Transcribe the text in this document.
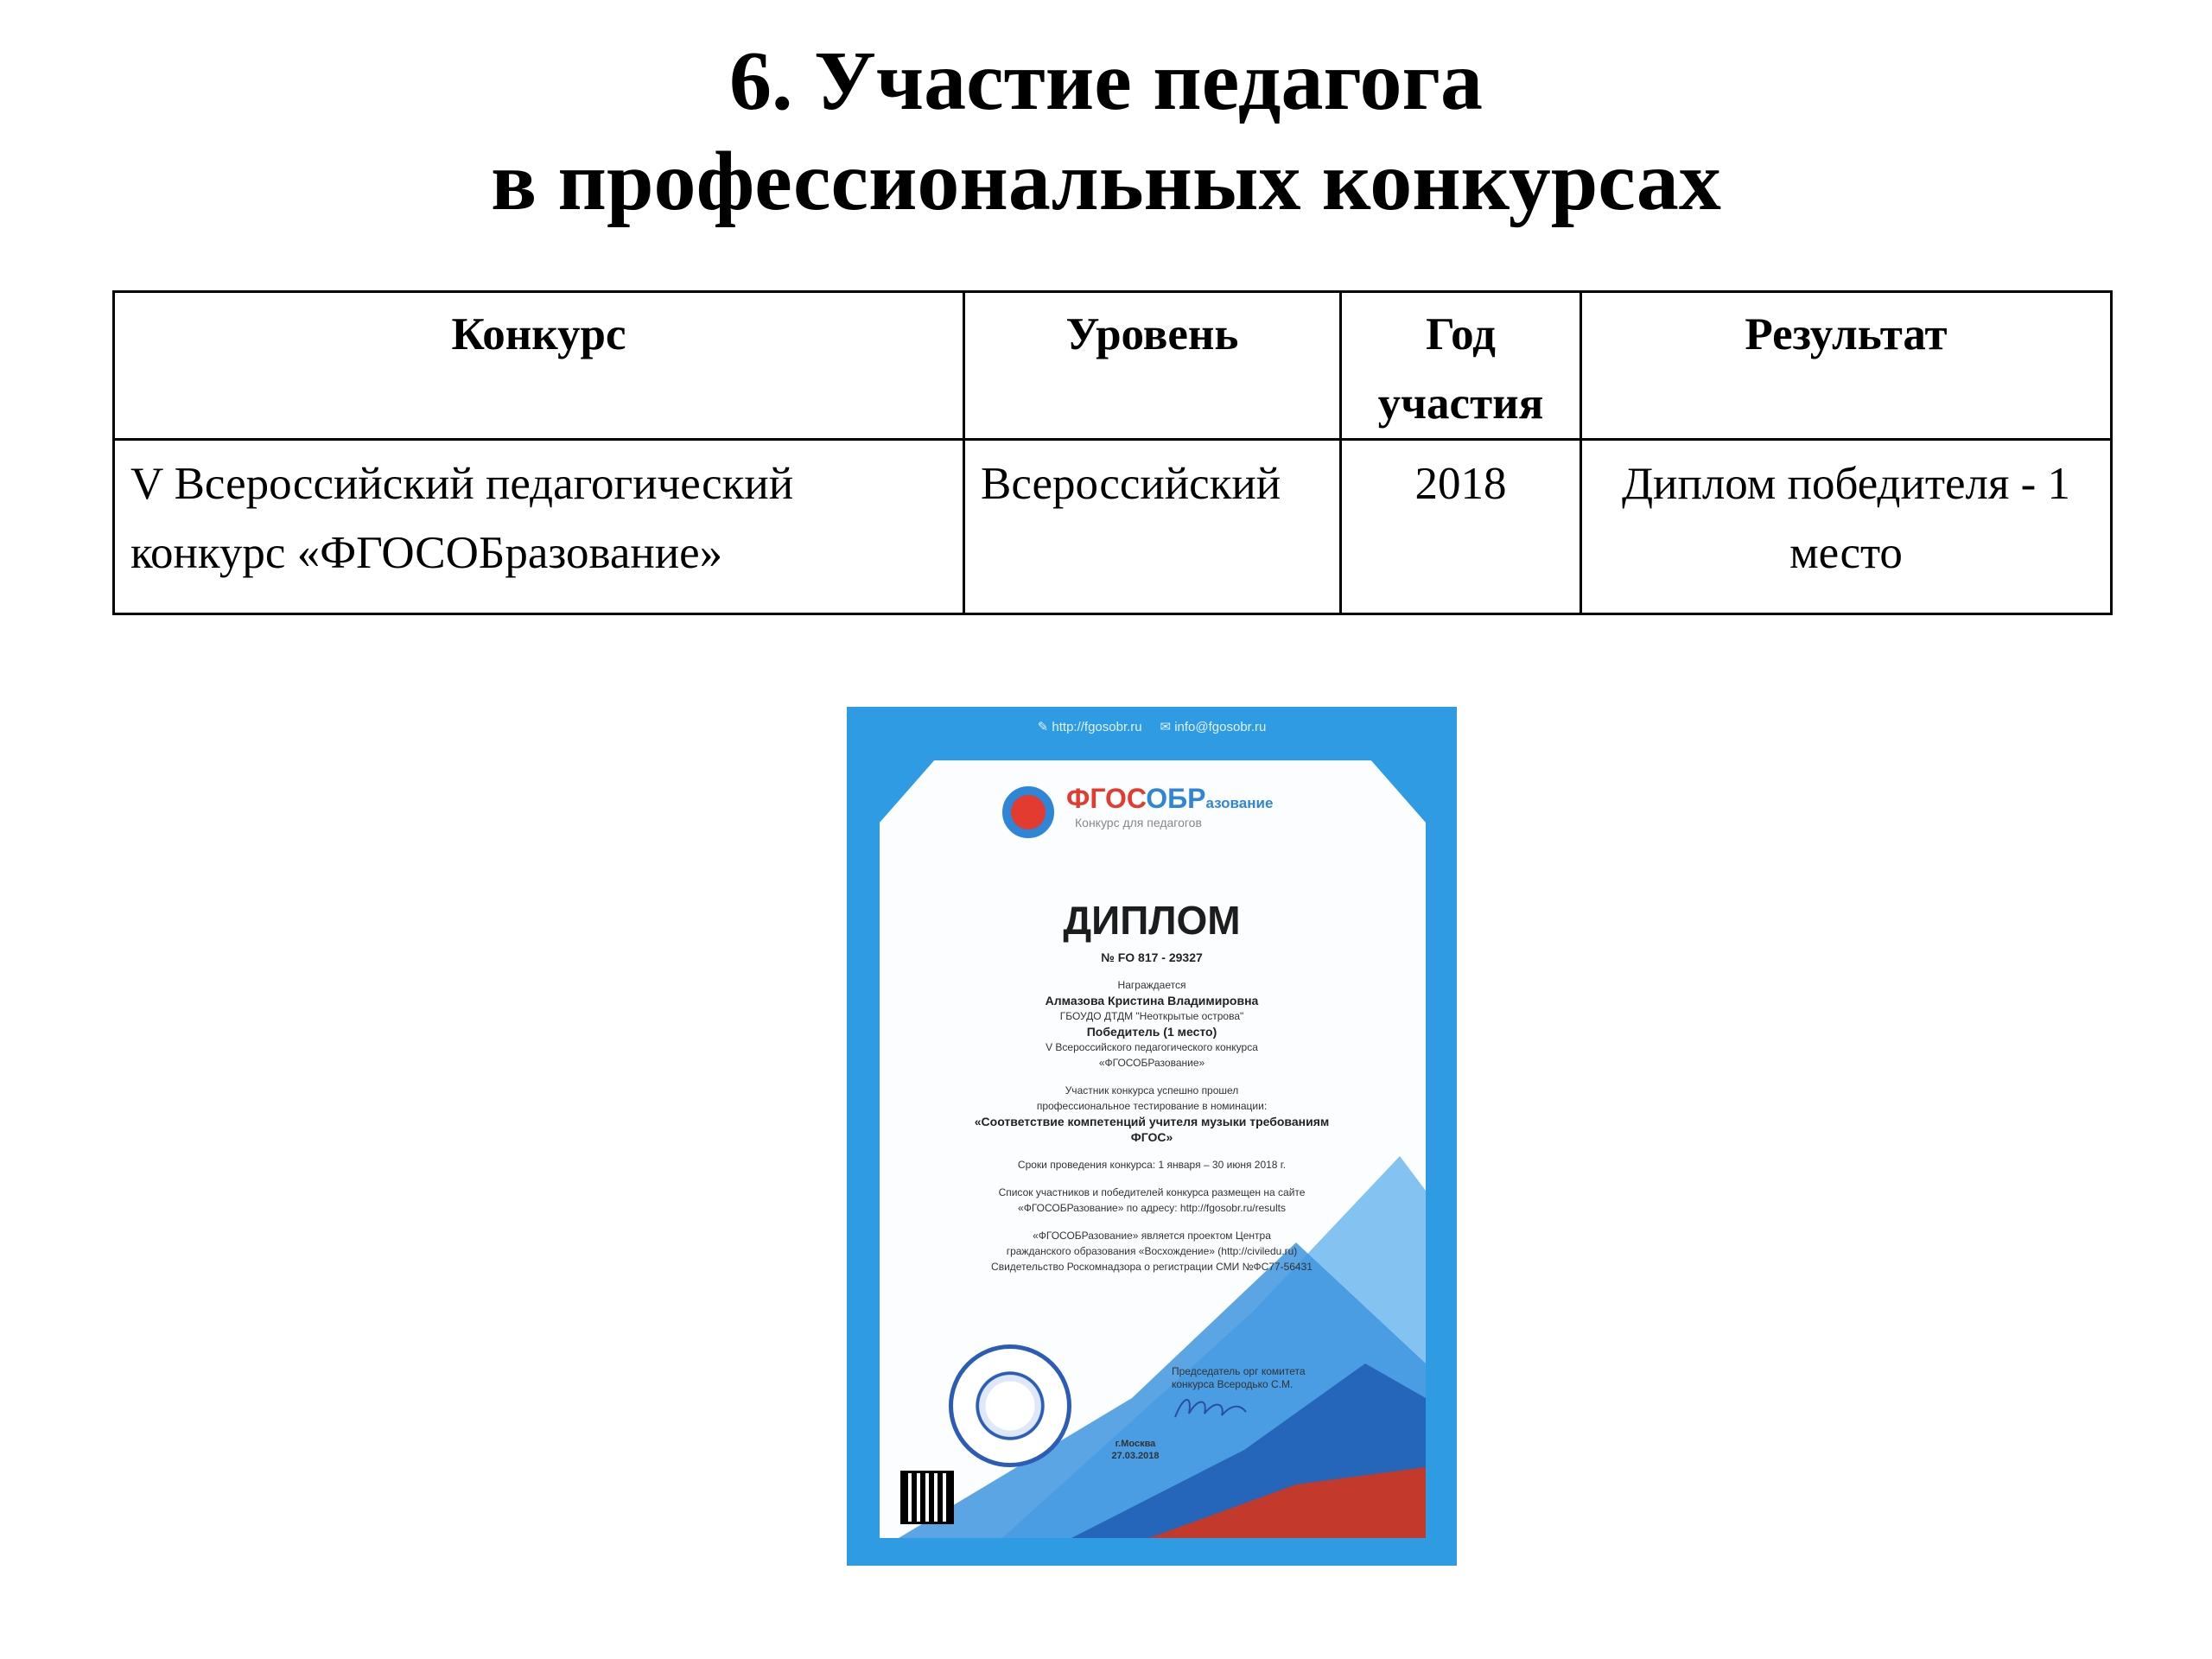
6. Участие педагога
в профессиональных конкурсах
Конкурс	Уровень	Год участия	Результат
V Всероссийский педагогический конкурс «ФГОСОБразование»	Всероссийский	2018	Диплом победителя - 1 место
✎ http://fgosobr.ru ✉ info@fgosobr.ru
ФГОСОБРазование
Конкурс для педагогов
ДИПЛОМ

№ FO 817 - 29327

Награждается

Алмазова Кристина Владимировна

ГБОУДО ДТДМ "Неоткрытые острова"

Победитель (1 место)

V Всероссийского педагогического конкурса

«ФГОСОБРазование»

Участник конкурса успешно прошел

профессиональное тестирование в номинации:

«Соответствие компетенций учителя музыки требованиям

ФГОС»

Сроки проведения конкурса: 1 января – 30 июня 2018 г.

Список участников и победителей конкурса размещен на сайте

«ФГОСОБРазование» по адресу: http://fgosobr.ru/results

«ФГОСОБРазование» является проектом Центра

гражданского образования «Восхождение» (http://civiledu.ru)

Свидетельство Роскомнадзора о регистрации СМИ №ФС77-56431

Председатель орг комитета
конкурса Всеродько С.М.
г.Москва
27.03.2018
